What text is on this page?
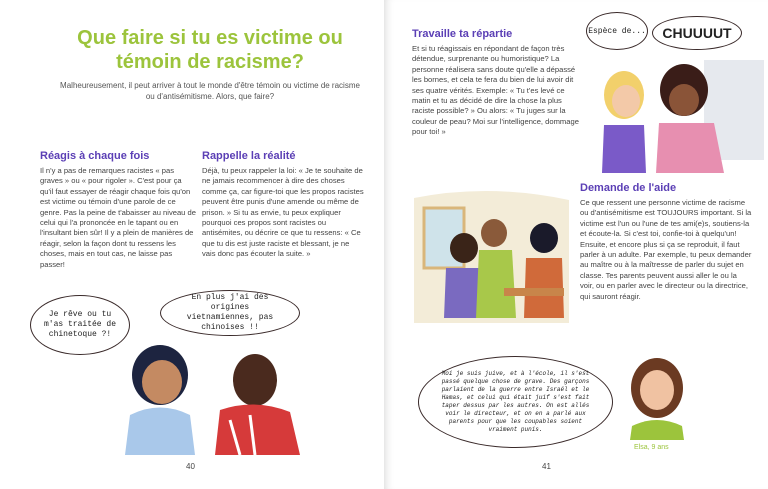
Que faire si tu es victime ou témoin de racisme?

Malheureusement, il peut arriver à tout le monde d'être témoin ou victime de racisme ou d'antisémitisme. Alors, que faire?

Réagis à chaque fois
Il n'y a pas de remarques racistes « pas graves » ou « pour rigoler ». C'est pour ça qu'il faut essayer de réagir chaque fois qu'on est victime ou témoin d'une parole de ce genre. Pas la peine de t'abaisser au niveau de celui qui l'a prononcée en le tapant ou en l'insultant bien sûr! Il y a plein de manières de réagir, selon la façon dont tu ressens les choses, mais en tout cas, ne laisse pas passer!
Rappelle la réalité
Déjà, tu peux rappeler la loi: « Je te souhaite de ne jamais recommencer à dire des choses comme ça, car figure-toi que les propos racistes peuvent être punis d'une amende ou même de prison. » Si tu as envie, tu peux expliquer pourquoi ces propos sont racistes ou antisémites, ou décrire ce que tu ressens: « Ce que tu dis est juste raciste et blessant, je ne vais donc pas écouter la suite. »
Je rêve ou tu m'as traitée de chinetoque ?!
En plus j'ai des origines vietnamiennes, pas chinoises !!
40
Travaille ta répartie
Et si tu réagissais en répondant de façon très détendue, surprenante ou humoristique? La personne réalisera sans doute qu'elle a dépassé les bornes, et cela te fera du bien de lui avoir dit ses quatre vérités. Exemple: « Tu t'es levé ce matin et tu as décidé de dire la chose la plus raciste possible? » Ou alors: « Tu juges sur la couleur de peau? Moi sur l'intelligence, dommage pour toi! »
Espèce de...	CHUUUUT
Demande de l'aide
Ce que ressent une personne victime de racisme ou d'antisémitisme est TOUJOURS important. Si la victime est l'un ou l'une de tes ami(e)s, soutiens-la et écoute-la. Si c'est toi, confie-toi à quelqu'un! Ensuite, et encore plus si ça se reproduit, il faut parler à un adulte. Par exemple, tu peux demander au maître ou à la maîtresse de parler du sujet en classe. Tes parents peuvent aussi aller le ou la voir, ou en parler avec le directeur ou la directrice, qui sauront réagir.
Moi je suis juive, et à l'école, il s'est passé quelque chose de grave. Des garçons parlaient de la guerre entre Israël et le Hamas, et celui qui était juif s'est fait taper dessus par les autres. On est allés voir le directeur, et on en a parlé aux parents pour que les coupables soient vraiment punis.
Elsa, 9 ans
41
